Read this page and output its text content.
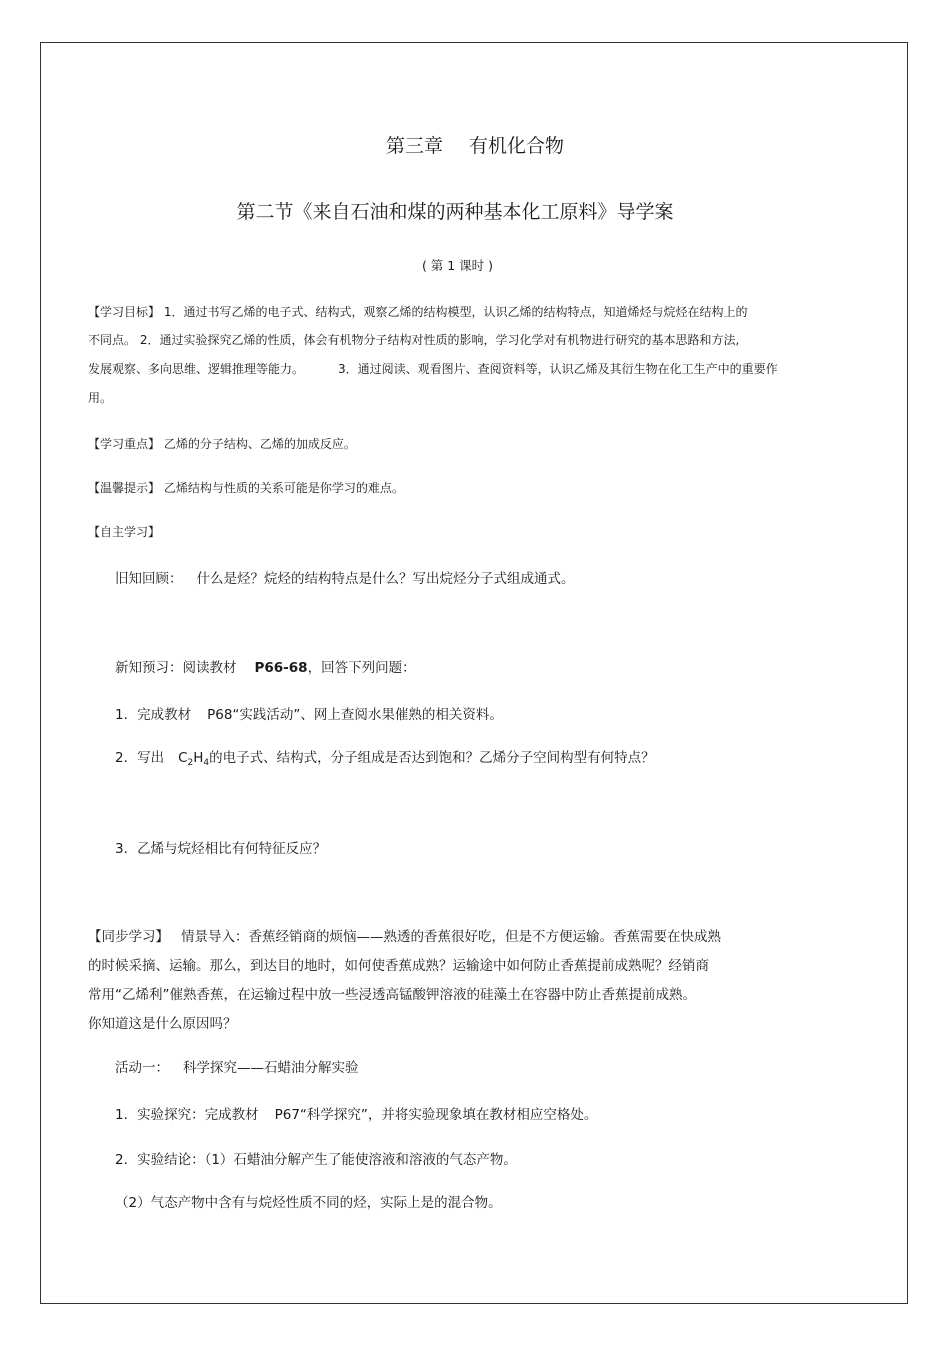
第三章 有机化合物
第二节《来自石油和煤的两种基本化工原料》导学案
( 第 1 课时 )
【学习目标】 1．通过书写乙烯的电子式、结构式，观察乙烯的结构模型，认识乙烯的结构特点，知道烯烃与烷烃在结构上的
不同点。 2．通过实验探究乙烯的性质，体会有机物分子结构对性质的影响，学习化学对有机物进行研究的基本思路和方法,
发展观察、多向思维、逻辑推理等能力。	3．通过阅读、观看图片、查阅资料等，认识乙烯及其衍生物在化工生产中的重要作
用。
【学习重点】 乙烯的分子结构、乙烯的加成反应。
【温馨提示】 乙烯结构与性质的关系可能是你学习的难点。
【自主学习】
旧知回顾： 什么是烃？烷烃的结构特点是什么？写出烷烃分子式组成通式。
新知预习：阅读教材 P66-68，回答下列问题：
1．完成教材 P68“实践活动”、网上查阅水果催熟的相关资料。
2．写出 $C_2H_4$的电子式、结构式，分子组成是否达到饱和？乙烯分子空间构型有何特点？
3．乙烯与烷烃相比有何特征反应？
【同步学习】 情景导入：香蕉经销商的烦恼——熟透的香蕉很好吃，但是不方便运输。香蕉需要在快成熟
的时候采摘、运输。那么，到达目的地时，如何使香蕉成熟？运输途中如何防止香蕉提前成熟呢？经销商
常用“乙烯利”催熟香蕉，在运输过程中放一些浸透高锰酸钾溶液的硅藻土在容器中防止香蕉提前成熟。
你知道这是什么原因吗？
活动一： 科学探究——石蜡油分解实验
1．实验探究：完成教材 P67“科学探究”，并将实验现象填在教材相应空格处。
2．实验结论：（1）石蜡油分解产生了能使溶液和溶液的气态产物。
（2）气态产物中含有与烷烃性质不同的烃，实际上是的混合物。
